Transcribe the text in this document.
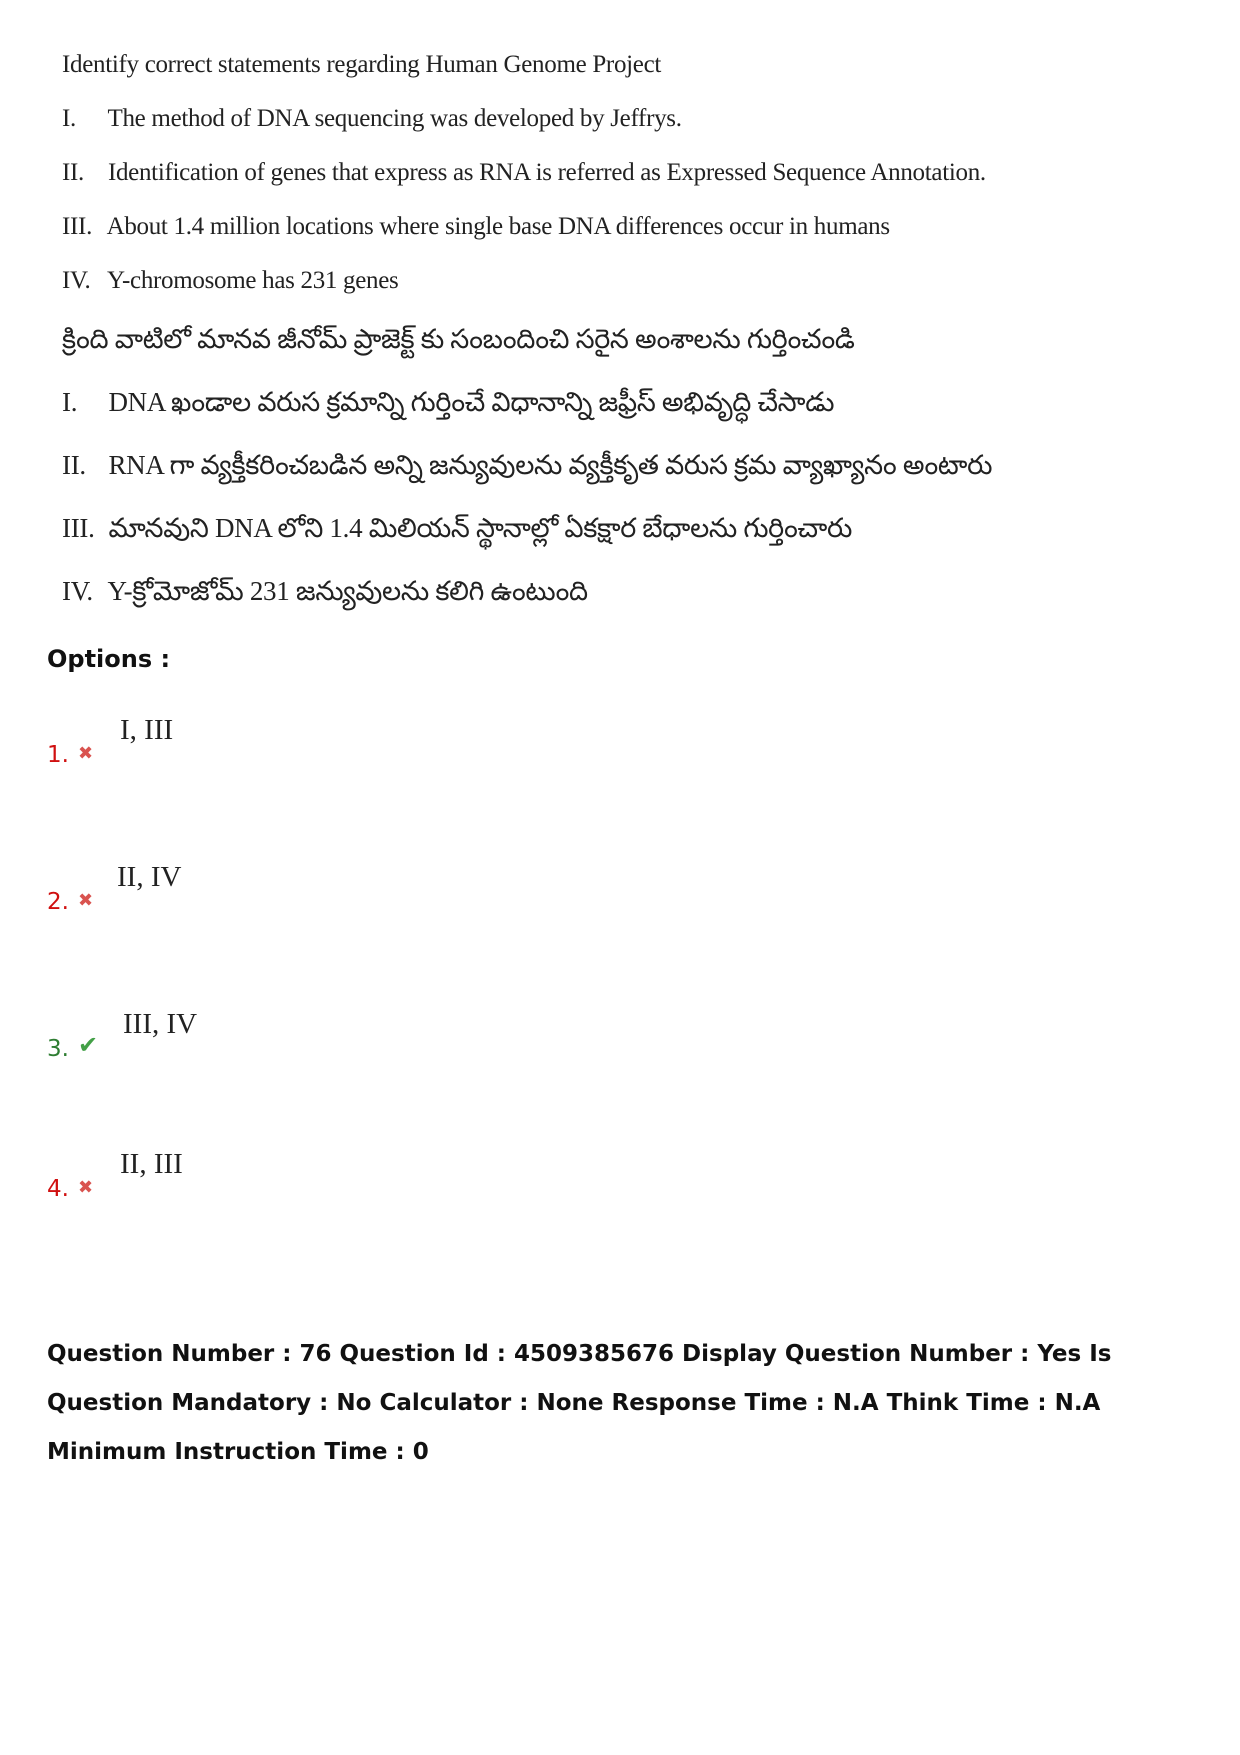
Identify correct statements regarding Human Genome Project
I. The method of DNA sequencing was developed by Jeffrys.
II. Identification of genes that express as RNA is referred as Expressed Sequence Annotation.
III. About 1.4 million locations where single base DNA differences occur in humans
IV. Y-chromosome has 231 genes
క్రింది వాటిలో మానవ జీనోమ్ ప్రాజెక్ట్ కు సంబందించి సరైన అంశాలను గుర్తించండి
I. DNA ఖండాల వరుస క్రమాన్ని గుర్తించే విధానాన్ని జఫ్రీస్ అభివృద్ధి చేసాడు
II. RNA గా వ్యక్తీకరించబడిన అన్ని జన్యువులను వ్యక్తీకృత వరుస క్రమ వ్యాఖ్యానం అంటారు
III. మానవుని DNA లోని 1.4 మిలియన్ స్థానాల్లో ఏకక్షార బేధాలను గుర్తించారు
IV. Y-క్రోమోజోమ్ 231 జన్యువులను కలిగి ఉంటుంది
Options :
1. ✖
I, III
2. ✖
II, IV
3. ✔
III, IV
4. ✖
II, III
Question Number : 76 Question Id : 4509385676 Display Question Number : Yes Is Question Mandatory : No Calculator : None Response Time : N.A Think Time : N.A Minimum Instruction Time : 0
